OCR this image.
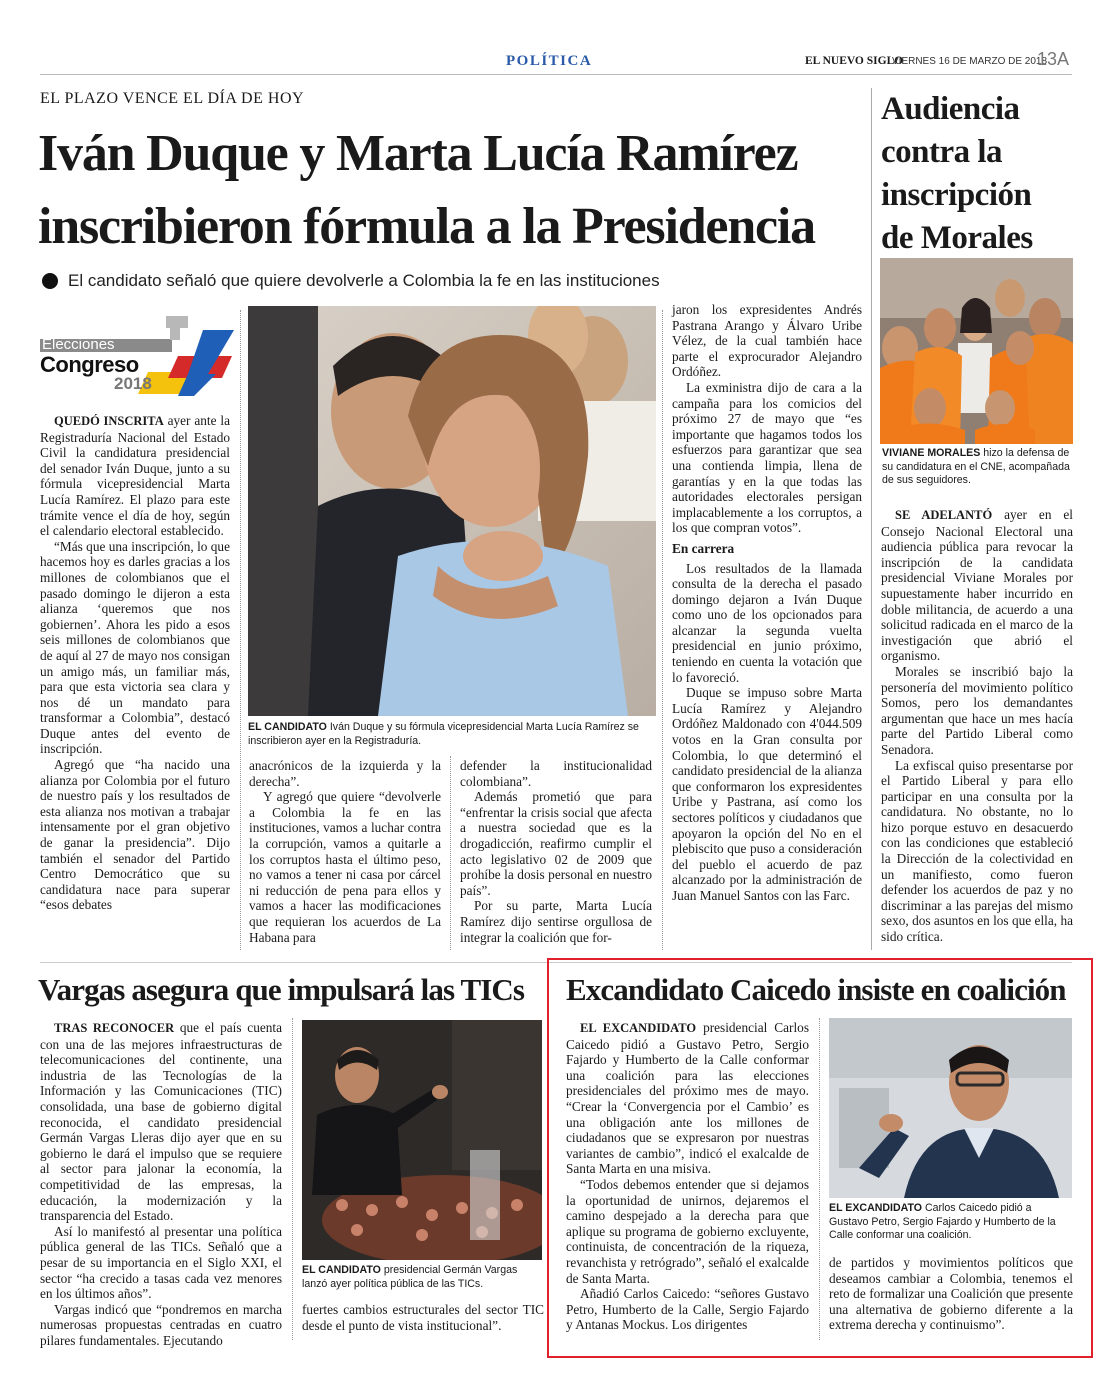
POLÍTICA	EL NUEVO SIGLO
VIERNES 16 DE MARZO DE 2018
13A
EL PLAZO VENCE EL DÍA DE HOY
Iván Duque y Marta Lucía Ramírez
inscribieron fórmula a la Presidencia
El candidato señaló que quiere devolverle a Colombia la fe en las instituciones
Elecciones
Congreso
2018

EL CANDIDATO Iván Duque y su fórmula vicepresidencial Marta Lucía Ramírez se inscribieron ayer en la Registraduría.

QUEDÓ INSCRITA ayer ante la Registraduría Nacional del Estado Civil la candidatura presidencial del senador Iván Duque, junto a su fórmula vicepresidencial Marta Lucía Ramírez. El plazo para este trámite vence el día de hoy, según el calendario electoral establecido.

“Más que una inscripción, lo que hacemos hoy es darles gracias a los millones de colombianos que el pasado domingo le dijeron a esta alianza ‘queremos que nos gobiernen’. Ahora les pido a esos seis millones de colombianos que de aquí al 27 de mayo nos consigan un amigo más, un familiar más, para que esta victoria sea clara y nos dé un mandato para transformar a Colombia”, destacó Duque antes del evento de inscripción.

Agregó que “ha nacido una alianza por Colombia por el futuro de nuestro país y los resultados de esta alianza nos motivan a trabajar intensamente por el gran objetivo de ganar la presidencia”. Dijo también el senador del Partido Centro Democrático que su candidatura nace para superar “esos debates

anacrónicos de la izquierda y la derecha”.

Y agregó que quiere “devolverle a Colombia la fe en las instituciones, vamos a luchar contra la corrupción, vamos a quitarle a los corruptos hasta el último peso, no vamos a tener ni casa por cárcel ni reducción de pena para ellos y vamos a hacer las modificaciones que requieran los acuerdos de La Habana para

defender la institucionalidad colombiana”.

Además prometió que para “enfrentar la crisis social que afecta a nuestra sociedad que es la drogadicción, reafirmo cumplir el acto legislativo 02 de 2009 que prohíbe la dosis personal en nuestro país”.

Por su parte, Marta Lucía Ramírez dijo sentirse orgullosa de integrar la coalición que for-

jaron los expresidentes Andrés Pastrana Arango y Álvaro Uribe Vélez, de la cual también hace parte el exprocurador Alejandro Ordóñez.

La exministra dijo de cara a la campaña para los comicios del próximo 27 de mayo que “es importante que hagamos todos los esfuerzos para garantizar que sea una contienda limpia, llena de garantías y en la que todas las autoridades electorales persigan implacablemente a los corruptos, a los que compran votos”.

En carrera

Los resultados de la llamada consulta de la derecha el pasado domingo dejaron a Iván Duque como uno de los opcionados para alcanzar la segunda vuelta presidencial en junio próximo, teniendo en cuenta la votación que lo favoreció.

Duque se impuso sobre Marta Lucía Ramírez y Alejandro Ordóñez Maldonado con 4'044.509 votos en la Gran consulta por Colombia, lo que determinó el candidato presidencial de la alianza que conformaron los expresidentes Uribe y Pastrana, así como los sectores políticos y ciudadanos que apoyaron la opción del No en el plebiscito que puso a consideración del pueblo el acuerdo de paz alcanzado por la administración de Juan Manuel Santos con las Farc.

Audiencia
contra la
inscripción
de Morales

VIVIANE MORALES hizo la defensa de su candidatura en el CNE, acompañada de sus seguidores.

SE ADELANTÓ ayer en el Consejo Nacional Electoral una audiencia pública para revocar la inscripción de la candidata presidencial Viviane Morales por supuestamente haber incurrido en doble militancia, de acuerdo a una solicitud radicada en el marco de la investigación que abrió el organismo.

Morales se inscribió bajo la personería del movimiento político Somos, pero los demandantes argumentan que hace un mes hacía parte del Partido Liberal como Senadora.

La exfiscal quiso presentarse por el Partido Liberal y para ello participar en una consulta por la candidatura. No obstante, no lo hizo porque estuvo en desacuerdo con las condiciones que estableció la Dirección de la colectividad en un manifiesto, como fueron defender los acuerdos de paz y no discriminar a las parejas del mismo sexo, dos asuntos en los que ella, ha sido crítica.

Vargas asegura que impulsará las TICs

TRAS RECONOCER que el país cuenta con una de las mejores infraestructuras de telecomunicaciones del continente, una industria de las Tecnologías de la Información y las Comunicaciones (TIC) consolidada, una base de gobierno digital reconocida, el candidato presidencial Germán Vargas Lleras dijo ayer que en su gobierno le dará el impulso que se requiere al sector para jalonar la economía, la competitividad de las empresas, la educación, la modernización y la transparencia del Estado.

Así lo manifestó al presentar una política pública general de las TICs. Señaló que a pesar de su importancia en el Siglo XXI, el sector “ha crecido a tasas cada vez menores en los últimos años”.

Vargas indicó que “pondremos en marcha numerosas propuestas centradas en cuatro pilares fundamentales. Ejecutando

EL CANDIDATO presidencial Germán Vargas lanzó ayer política pública de las TICs.

fuertes cambios estructurales del sector TIC desde el punto de vista institucional”.

Excandidato Caicedo insiste en coalición

EL EXCANDIDATO presidencial Carlos Caicedo pidió a Gustavo Petro, Sergio Fajardo y Humberto de la Calle conformar una coalición para las elecciones presidenciales del próximo mes de mayo. “Crear la ‘Convergencia por el Cambio’ es una obligación ante los millones de ciudadanos que se expresaron por nuestras variantes de cambio”, indicó el exalcalde de Santa Marta en una misiva.

“Todos debemos entender que si dejamos la oportunidad de unirnos, dejaremos el camino despejado a la derecha para que aplique su programa de gobierno excluyente, continuista, de concentración de la riqueza, revanchista y retrógrado”, señaló el exalcalde de Santa Marta.

Añadió Carlos Caicedo: “señores Gustavo Petro, Humberto de la Calle, Sergio Fajardo y Antanas Mockus. Los dirigentes

EL EXCANDIDATO Carlos Caicedo pidió a Gustavo Petro, Sergio Fajardo y Humberto de la Calle conformar una coalición.

de partidos y movimientos políticos que deseamos cambiar a Colombia, tenemos el reto de formalizar una Coalición que presente una alternativa de gobierno diferente a la extrema derecha y continuismo”.
